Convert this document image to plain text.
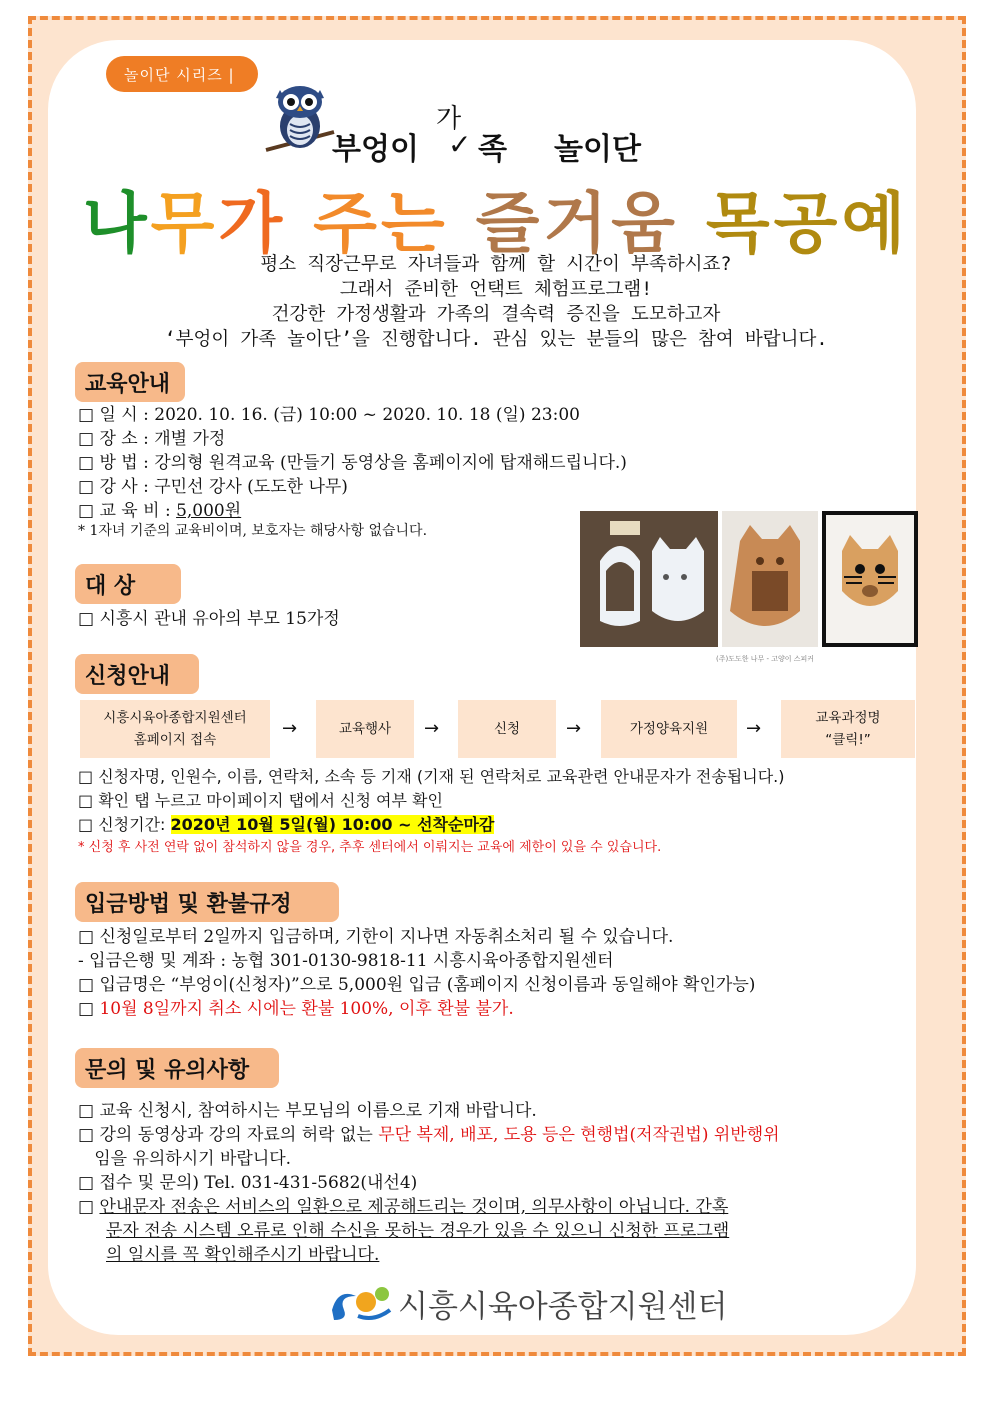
놀이단 시리즈 |
부엉이
가
✓ 족 놀이단
나무가 주는 즐거움 목공예
평소 직장근무로 자녀들과 함께 할 시간이 부족하시죠?
그래서 준비한 언택트 체험프로그램!
건강한 가정생활과 가족의 결속력 증진을 도모하고자
‘부엉이 가족 놀이단’을 진행합니다. 관심 있는 분들의 많은 참여 바랍니다.
교육안내
□ 일 시 : 2020. 10. 16. (금) 10:00 ~ 2020. 10. 18 (일) 23:00
□ 장 소 : 개별 가정
□ 방 법 : 강의형 원격교육 (만들기 동영상을 홈페이지에 탑재해드립니다.)
□ 강 사 : 구민선 강사 (도도한 나무)
□ 교 육 비 : 5,000원
* 1자녀 기준의 교육비이며, 보호자는 해당사항 없습니다.
(주)도도한 나무 - 고양이 스피커
대 상
□ 시흥시 관내 유아의 부모 15가정
신청안내
시흥시육아종합지원센터
홈페이지 접속
→	교육행사 →	신청	→	가정양육지원 →	교육과정명
“클릭!”
□ 신청자명, 인원수, 이름, 연락처, 소속 등 기재 (기재 된 연락처로 교육관련 안내문자가 전송됩니다.)
□ 확인 탭 누르고 마이페이지 탭에서 신청 여부 확인
□ 신청기간: 2020년 10월 5일(월) 10:00 ~ 선착순마감
* 신청 후 사전 연락 없이 참석하지 않을 경우, 추후 센터에서 이뤄지는 교육에 제한이 있을 수 있습니다.
입금방법 및 환불규정
□ 신청일로부터 2일까지 입금하며, 기한이 지나면 자동취소처리 될 수 있습니다.
- 입금은행 및 계좌 : 농협 301-0130-9818-11 시흥시육아종합지원센터
□ 입금명은 “부엉이(신청자)”으로 5,000원 입금 (홈페이지 신청이름과 동일해야 확인가능)
□ 10월 8일까지 취소 시에는 환불 100%, 이후 환불 불가.
문의 및 유의사항
□ 교육 신청시, 참여하시는 부모님의 이름으로 기재 바랍니다.
□ 강의 동영상과 강의 자료의 허락 없는 무단 복제, 배포, 도용 등은 현행법(저작권법) 위반행위
임을 유의하시기 바랍니다.
□ 접수 및 문의) Tel. 031-431-5682(내선4)
□ 안내문자 전송은 서비스의 일환으로 제공해드리는 것이며, 의무사항이 아닙니다. 간혹
문자 전송 시스템 오류로 인해 수신을 못하는 경우가 있을 수 있으니 신청한 프로그램
의 일시를 꼭 확인해주시기 바랍니다.
시흥시육아종합지원센터
